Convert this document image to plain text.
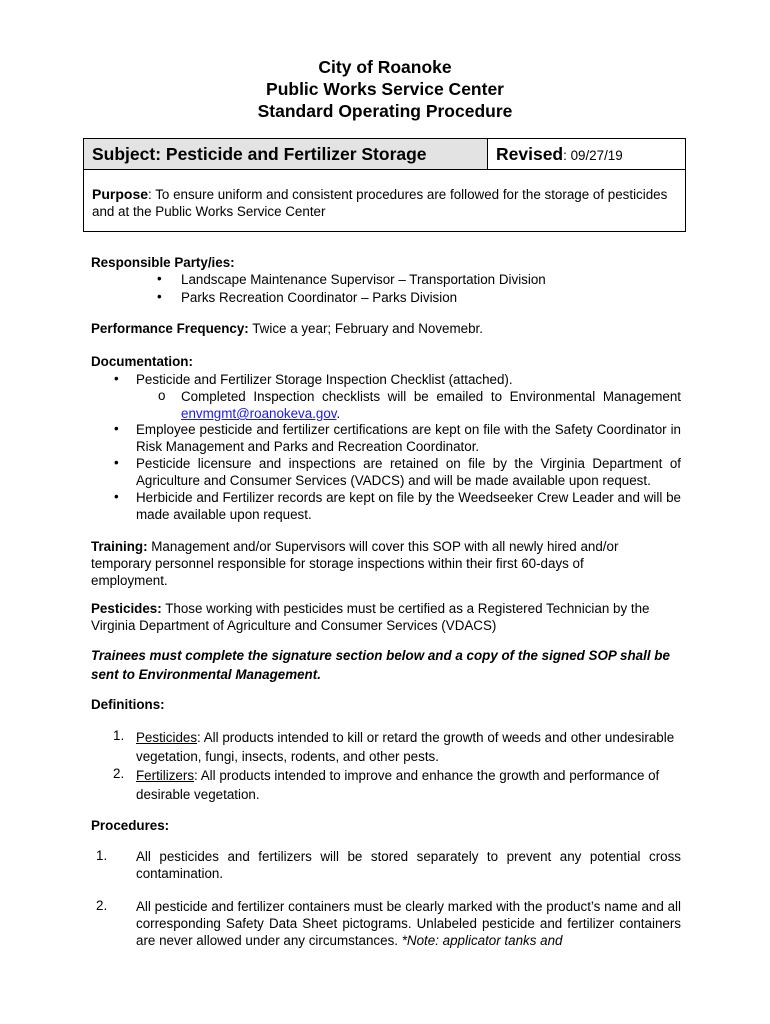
City of Roanoke
Public Works Service Center
Standard Operating Procedure
Subject: Pesticide and Fertilizer Storage	Revised: 09/27/19
Purpose: To ensure uniform and consistent procedures are followed for the storage of pesticides and at the Public Works Service Center
Responsible Party/ies:
• Landscape Maintenance Supervisor – Transportation Division
• Parks Recreation Coordinator – Parks Division
Performance Frequency: Twice a year; February and Novemebr.
Documentation:
• Pesticide and Fertilizer Storage Inspection Checklist (attached).
o Completed Inspection checklists will be emailed to Environmental Management envmgmt@roanokeva.gov.
• Employee pesticide and fertilizer certifications are kept on file with the Safety Coordinator in Risk Management and Parks and Recreation Coordinator.
• Pesticide licensure and inspections are retained on file by the Virginia Department of Agriculture and Consumer Services (VADCS) and will be made available upon request.
• Herbicide and Fertilizer records are kept on file by the Weedseeker Crew Leader and will be made available upon request.
Training: Management and/or Supervisors will cover this SOP with all newly hired and/or temporary personnel responsible for storage inspections within their first 60-days of employment.
Pesticides: Those working with pesticides must be certified as a Registered Technician by the Virginia Department of Agriculture and Consumer Services (VDACS)
Trainees must complete the signature section below and a copy of the signed SOP shall be sent to Environmental Management.
Definitions:
1. Pesticides: All products intended to kill or retard the growth of weeds and other undesirable vegetation, fungi, insects, rodents, and other pests.
2. Fertilizers: All products intended to improve and enhance the growth and performance of desirable vegetation.
Procedures:
1. All pesticides and fertilizers will be stored separately to prevent any potential cross contamination.
2. All pesticide and fertilizer containers must be clearly marked with the product’s name and all corresponding Safety Data Sheet pictograms. Unlabeled pesticide and fertilizer containers are never allowed under any circumstances. *Note: applicator tanks and
